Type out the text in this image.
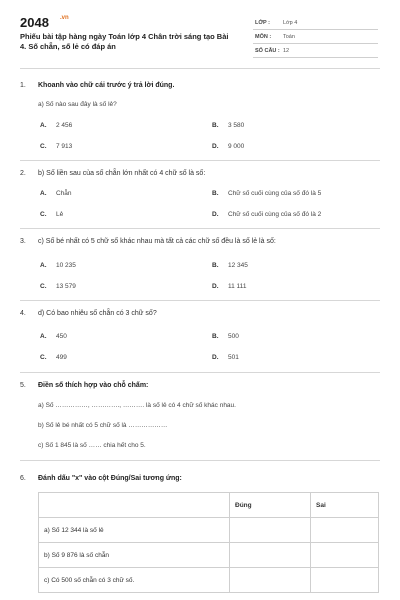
2048 .vn
Phiếu bài tập hàng ngày Toán lớp 4 Chân trời sáng tạo Bài 4. Số chẵn, số lẻ có đáp án
LỚP : Lớp 4
MÔN : Toán
SỐ CÂU : 12
1. Khoanh vào chữ cái trước ý trả lời đúng.
a) Số nào sau đây là số lẻ?
A. 2 456	B. 3 580
C. 7 913	D. 9 000
2. b) Số liền sau của số chẵn lớn nhất có 4 chữ số là số:
A. Chẵn	B. Chữ số cuối cùng của số đó là 5
C. Lẻ	D. Chữ số cuối cùng của số đó là 2
3. c) Số bé nhất có 5 chữ số khác nhau mà tất cả các chữ số đều là số lẻ là số:
A. 10 235	B. 12 345
C. 13 579	D. 11 111
4. d) Có bao nhiêu số chẵn có 3 chữ số?
A. 450	B. 500
C. 499	D. 501
5. Điền số thích hợp vào chỗ chấm:
a) Số ……………, …………., ………. là số lẻ có 4 chữ số khác nhau.
b) Số lẻ bé nhất có 5 chữ số là ………………
c) Số 1 845 là số …… chia hết cho 5.
6. Đánh dấu "x" vào cột Đúng/Sai tương ứng:
	Đúng	Sai
a) Số 12 344 là số lẻ		
b) Số 9 876 là số chẵn		
c) Có 500 số chẵn có 3 chữ số.		
